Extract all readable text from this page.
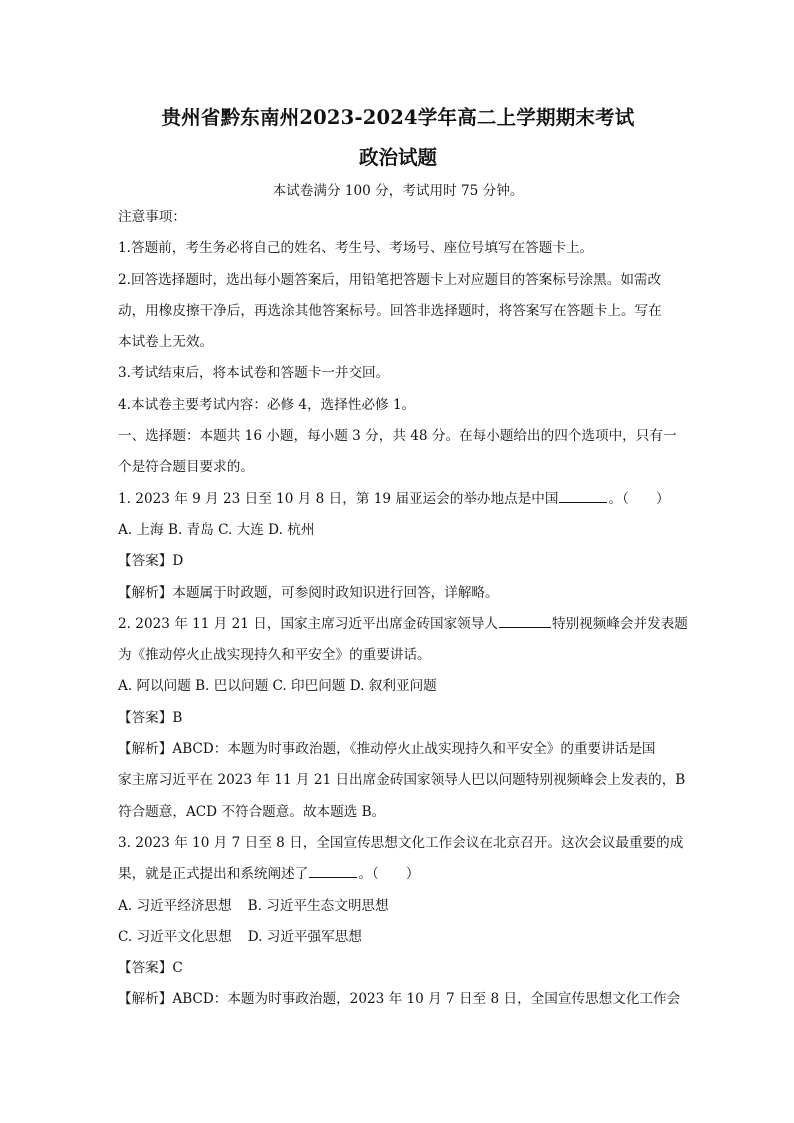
贵州省黔东南州2023-2024学年高二上学期期末考试

政治试题

本试卷满分 100 分，考试用时 75 分钟。

注意事项：

1.答题前，考生务必将自己的姓名、考生号、考场号、座位号填写在答题卡上。

2.回答选择题时，选出每小题答案后，用铅笔把答题卡上对应题目的答案标号涂黑。如需改

动，用橡皮擦干净后，再选涂其他答案标号。回答非选择题时，将答案写在答题卡上。写在

本试卷上无效。

3.考试结束后，将本试卷和答题卡一并交回。

4.本试卷主要考试内容：必修 4，选择性必修 1。

一、选择题：本题共 16 小题，每小题 3 分，共 48 分。在每小题给出的四个选项中，只有一

个是符合题目要求的。

1. 2023 年 9 月 23 日至 10 月 8 日，第 19 届亚运会的举办地点是中国	。（　　）

A. 上海 B. 青岛 C. 大连 D. 杭州

【答案】D

【解析】本题属于时政题，可参阅时政知识进行回答，详解略。

2. 2023 年 11 月 21 日，国家主席习近平出席金砖国家领导人	特别视频峰会并发表题

为《推动停火止战实现持久和平安全》的重要讲话。

A. 阿以问题 B. 巴以问题 C. 印巴问题 D. 叙利亚问题

【答案】B

【解析】ABCD：本题为时事政治题，《推动停火止战实现持久和平安全》的重要讲话是国

家主席习近平在 2023 年 11 月 21 日出席金砖国家领导人巴以问题特别视频峰会上发表的，B

符合题意，ACD 不符合题意。故本题选 B。

3. 2023 年 10 月 7 日至 8 日，全国宣传思想文化工作会议在北京召开。这次会议最重要的成

果，就是正式提出和系统阐述了	。（　　）

A. 习近平经济思想 B. 习近平生态文明思想

C. 习近平文化思想 D. 习近平强军思想

【答案】C

【解析】ABCD：本题为时事政治题，2023 年 10 月 7 日至 8 日，全国宣传思想文化工作会
